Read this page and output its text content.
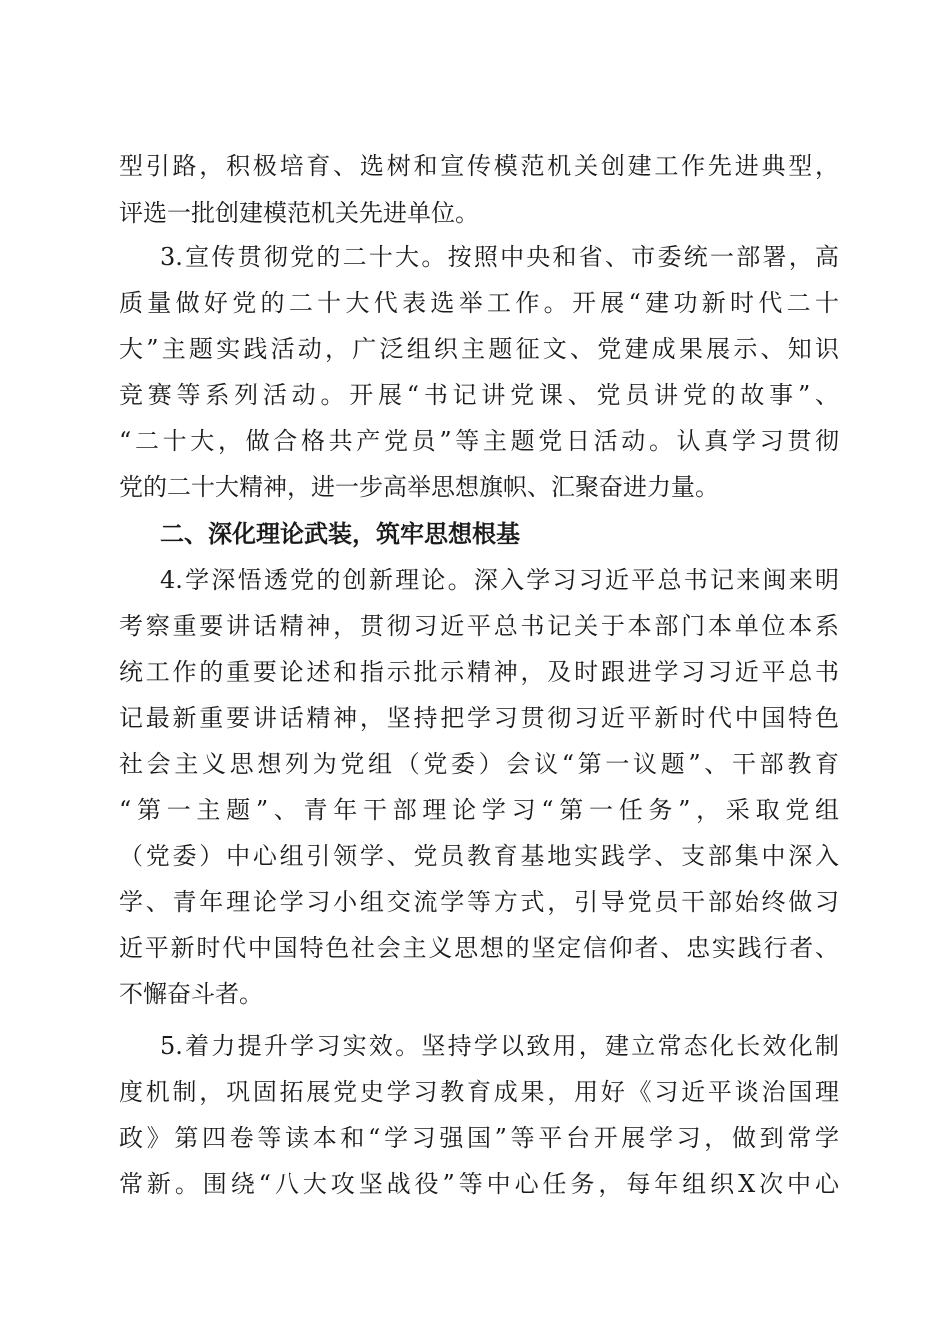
型引路，积极培育、选树和宣传模范机关创建工作先进典型，
评选一批创建模范机关先进单位。
3.宣传贯彻党的二十大。按照中央和省、市委统一部署，高
质量做好党的二十大代表选举工作。开展“建功新时代二十
大”主题实践活动，广泛组织主题征文、党建成果展示、知识
竞赛等系列活动。开展“书记讲党课、党员讲党的故事”、
“二十大，做合格共产党员”等主题党日活动。认真学习贯彻
党的二十大精神，进一步高举思想旗帜、汇聚奋进力量。
二、深化理论武装，筑牢思想根基
4.学深悟透党的创新理论。深入学习习近平总书记来闽来明
考察重要讲话精神，贯彻习近平总书记关于本部门本单位本系
统工作的重要论述和指示批示精神，及时跟进学习习近平总书
记最新重要讲话精神，坚持把学习贯彻习近平新时代中国特色
社会主义思想列为党组（党委）会议“第一议题”、干部教育
“第一主题”、青年干部理论学习“第一任务”，采取党组
（党委）中心组引领学、党员教育基地实践学、支部集中深入
学、青年理论学习小组交流学等方式，引导党员干部始终做习
近平新时代中国特色社会主义思想的坚定信仰者、忠实践行者、
不懈奋斗者。
5.着力提升学习实效。坚持学以致用，建立常态化长效化制
度机制，巩固拓展党史学习教育成果，用好《习近平谈治国理
政》第四卷等读本和“学习强国”等平台开展学习，做到常学
常新。围绕“八大攻坚战役”等中心任务，每年组织X次中心
